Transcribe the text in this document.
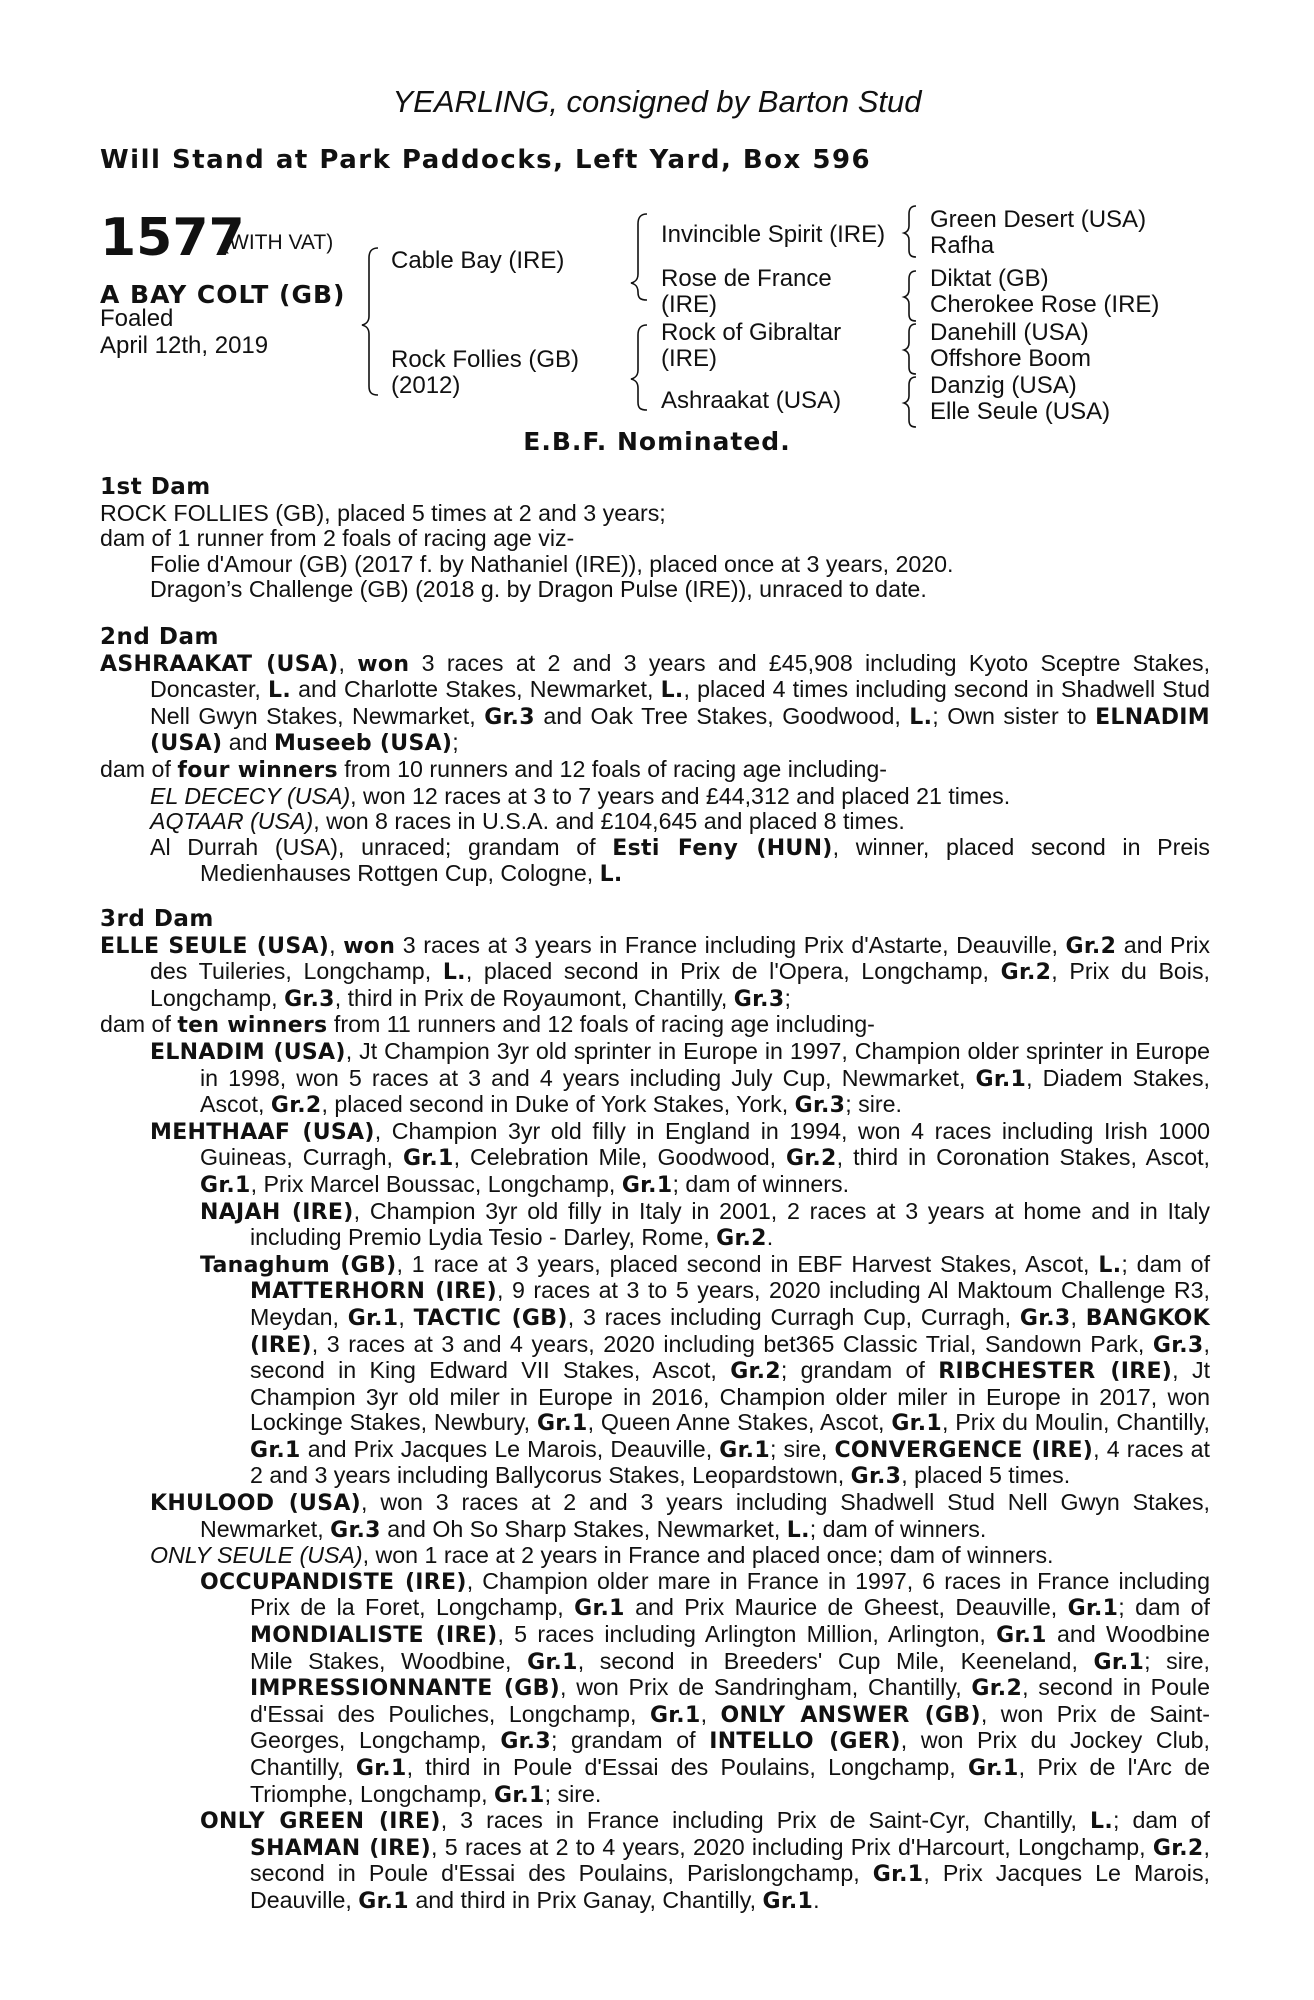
YEARLING, consigned by Barton Stud
Will Stand at Park Paddocks, Left Yard, Box 596
1577
(WITH VAT)
A BAY COLT (GB)
Foaled
April 12th, 2019
Cable Bay (IRE)
Rock Follies (GB)
(2012)
Invincible Spirit (IRE)
Rose de France
(IRE)
Rock of Gibraltar
(IRE)
Ashraakat (USA)
Green Desert (USA)
Rafha
Diktat (GB)
Cherokee Rose (IRE)
Danehill (USA)
Offshore Boom
Danzig (USA)
Elle Seule (USA)
E.B.F. Nominated.
1st Dam

ROCK FOLLIES (GB), placed 5 times at 2 and 3 years;

dam of 1 runner from 2 foals of racing age viz-

Folie d'Amour (GB) (2017 f. by Nathaniel (IRE)), placed once at 3 years, 2020.

Dragon’s Challenge (GB) (2018 g. by Dragon Pulse (IRE)), unraced to date.

2nd Dam

ASHRAAKAT (USA), won 3 races at 2 and 3 years and £45,908 including Kyoto Sceptre Stakes, Doncaster, L. and Charlotte Stakes, Newmarket, L., placed 4 times including second in Shadwell Stud Nell Gwyn Stakes, Newmarket, Gr.3 and Oak Tree Stakes, Goodwood, L.; Own sister to ELNADIM (USA) and Museeb (USA);

dam of four winners from 10 runners and 12 foals of racing age including-

EL DECECY (USA), won 12 races at 3 to 7 years and £44,312 and placed 21 times.

AQTAAR (USA), won 8 races in U.S.A. and £104,645 and placed 8 times.

Al Durrah (USA), unraced; grandam of Esti Feny (HUN), winner, placed second in Preis Medienhauses Rottgen Cup, Cologne, L.

3rd Dam

ELLE SEULE (USA), won 3 races at 3 years in France including Prix d'Astarte, Deauville, Gr.2 and Prix des Tuileries, Longchamp, L., placed second in Prix de l'Opera, Longchamp, Gr.2, Prix du Bois, Longchamp, Gr.3, third in Prix de Royaumont, Chantilly, Gr.3;

dam of ten winners from 11 runners and 12 foals of racing age including-

ELNADIM (USA), Jt Champion 3yr old sprinter in Europe in 1997, Champion older sprinter in Europe in 1998, won 5 races at 3 and 4 years including July Cup, Newmarket, Gr.1, Diadem Stakes, Ascot, Gr.2, placed second in Duke of York Stakes, York, Gr.3; sire.

MEHTHAAF (USA), Champion 3yr old filly in England in 1994, won 4 races including Irish 1000 Guineas, Curragh, Gr.1, Celebration Mile, Goodwood, Gr.2, third in Coronation Stakes, Ascot, Gr.1, Prix Marcel Boussac, Longchamp, Gr.1; dam of winners.

NAJAH (IRE), Champion 3yr old filly in Italy in 2001, 2 races at 3 years at home and in Italy including Premio Lydia Tesio - Darley, Rome, Gr.2.

Tanaghum (GB), 1 race at 3 years, placed second in EBF Harvest Stakes, Ascot, L.; dam of MATTERHORN (IRE), 9 races at 3 to 5 years, 2020 including Al Maktoum Challenge R3, Meydan, Gr.1, TACTIC (GB), 3 races including Curragh Cup, Curragh, Gr.3, BANGKOK (IRE), 3 races at 3 and 4 years, 2020 including bet365 Classic Trial, Sandown Park, Gr.3, second in King Edward VII Stakes, Ascot, Gr.2; grandam of RIBCHESTER (IRE), Jt Champion 3yr old miler in Europe in 2016, Champion older miler in Europe in 2017, won Lockinge Stakes, Newbury, Gr.1, Queen Anne Stakes, Ascot, Gr.1, Prix du Moulin, Chantilly, Gr.1 and Prix Jacques Le Marois, Deauville, Gr.1; sire, CONVERGENCE (IRE), 4 races at 2 and 3 years including Ballycorus Stakes, Leopardstown, Gr.3, placed 5 times.

KHULOOD (USA), won 3 races at 2 and 3 years including Shadwell Stud Nell Gwyn Stakes, Newmarket, Gr.3 and Oh So Sharp Stakes, Newmarket, L.; dam of winners.

ONLY SEULE (USA), won 1 race at 2 years in France and placed once; dam of winners.

OCCUPANDISTE (IRE), Champion older mare in France in 1997, 6 races in France including Prix de la Foret, Longchamp, Gr.1 and Prix Maurice de Gheest, Deauville, Gr.1; dam of MONDIALISTE (IRE), 5 races including Arlington Million, Arlington, Gr.1 and Woodbine Mile Stakes, Woodbine, Gr.1, second in Breeders' Cup Mile, Keeneland, Gr.1; sire, IMPRESSIONNANTE (GB), won Prix de Sandringham, Chantilly, Gr.2, second in Poule d'Essai des Pouliches, Longchamp, Gr.1, ONLY ANSWER (GB), won Prix de Saint-Georges, Longchamp, Gr.3; grandam of INTELLO (GER), won Prix du Jockey Club, Chantilly, Gr.1, third in Poule d'Essai des Poulains, Longchamp, Gr.1, Prix de l'Arc de Triomphe, Longchamp, Gr.1; sire.

ONLY GREEN (IRE), 3 races in France including Prix de Saint-Cyr, Chantilly, L.; dam of SHAMAN (IRE), 5 races at 2 to 4 years, 2020 including Prix d'Harcourt, Longchamp, Gr.2, second in Poule d'Essai des Poulains, Parislongchamp, Gr.1, Prix Jacques Le Marois, Deauville, Gr.1 and third in Prix Ganay, Chantilly, Gr.1.
